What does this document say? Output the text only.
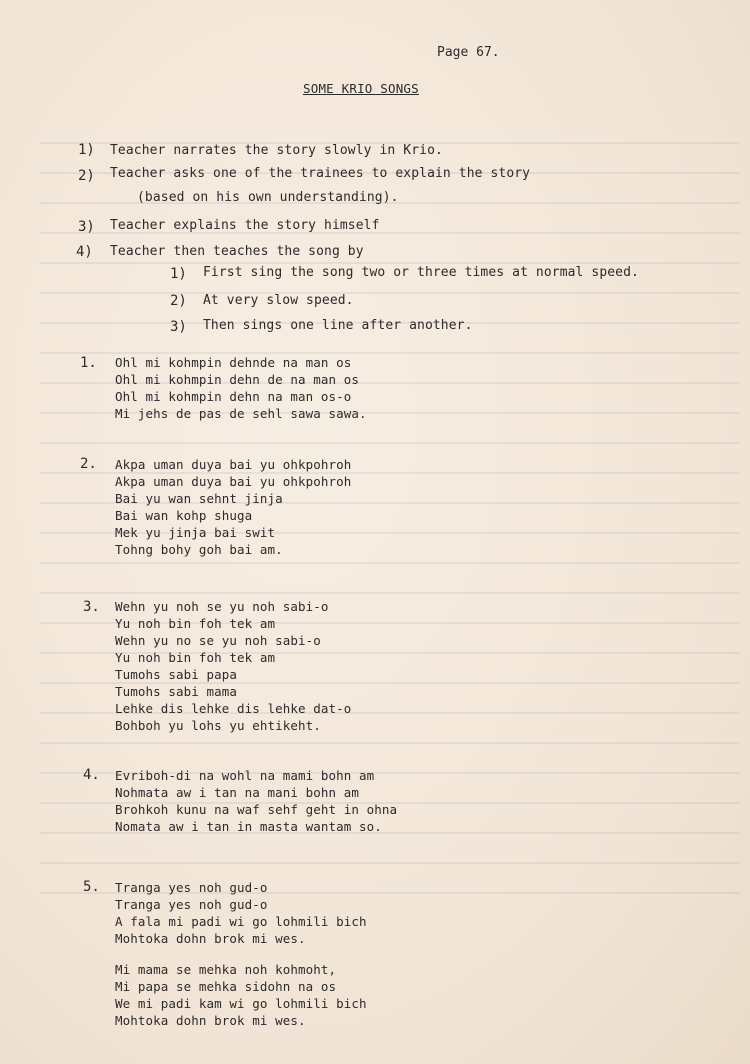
Page 67.
SOME KRIO SONGS
1) Teacher narrates the story slowly in Krio.
2) Teacher asks one of the trainees to explain the story
(based on his own understanding).
3) Teacher explains the story himself
4) Teacher then teaches the song by
1) First sing the song two or three times at normal speed.
2) At very slow speed.
3) Then sings one line after another.
1. Ohl mi kohmpin dehnde na man os
Ohl mi kohmpin dehn de na man os
Ohl mi kohmpin dehn na man os-o
Mi jehs de pas de sehl sawa sawa.
2. Akpa uman duya bai yu ohkpohroh
Akpa uman duya bai yu ohkpohroh
Bai yu wan sehnt jinja
Bai wan kohp shuga
Mek yu jinja bai swit
Tohng bohy goh bai am.
3. Wehn yu noh se yu noh sabi-o
Yu noh bin foh tek am
Wehn yu no se yu noh sabi-o
Yu noh bin foh tek am
Tumohs sabi papa
Tumohs sabi mama
Lehke dis lehke dis lehke dat-o
Bohboh yu lohs yu ehtikeht.
4. Evriboh-di na wohl na mami bohn am
Nohmata aw i tan na mani bohn am
Brohkoh kunu na waf sehf geht in ohna
Nomata aw i tan in masta wantam so.
5. Tranga yes noh gud-o
Tranga yes noh gud-o
A fala mi padi wi go lohmili bich
Mohtoka dohn brok mi wes.
Mi mama se mehka noh kohmoht,
Mi papa se mehka sidohn na os
We mi padi kam wi go lohmili bich
Mohtoka dohn brok mi wes.
